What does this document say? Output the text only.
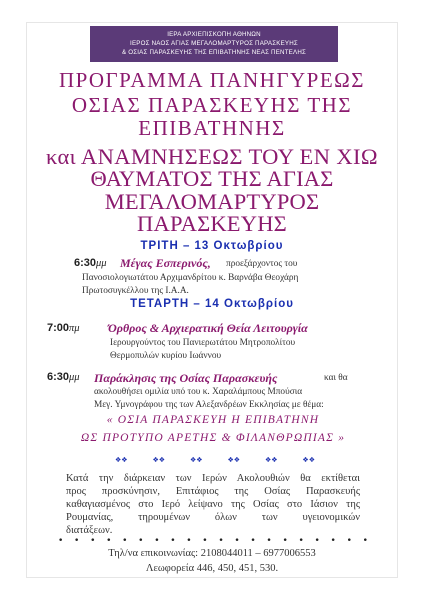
ΙΕΡΑ ΑΡΧΙΕΠΙΣΚΟΠΗ ΑΘΗΝΩΝ
ΙΕΡΟΣ ΝΑΟΣ ΑΓΙΑΣ ΜΕΓΑΛΟΜΑΡΤΥΡΟΣ ΠΑΡΑΣΚΕΥΗΣ
& ΟΣΙΑΣ ΠΑΡΑΣΚΕΥΗΣ ΤΗΣ ΕΠΙΒΑΤΗΝΗΣ ΝΕΑΣ ΠΕΝΤΕΛΗΣ
ΠΡΟΓΡΑΜΜΑ ΠΑΝΗΓΥΡΕΩΣ
ΟΣΙΑΣ ΠΑΡΑΣΚΕΥΗΣ ΤΗΣ
ΕΠΙΒΑΤΗΝΗΣ
και ΑΝΑΜΝΗΣΕΩΣ ΤΟΥ ΕΝ ΧΙΩ
ΘΑΥΜΑΤΟΣ ΤΗΣ ΑΓΙΑΣ
ΜΕΓΑΛΟΜΑΡΤΥΡΟΣ
ΠΑΡΑΣΚΕΥΗΣ
ΤΡΙΤΗ – 13 Οκτωβρίου
6:30μμ Μέγας Εσπερινός, προεξάρχοντος του
Πανοσιολογιωτάτου Αρχιμανδρίτου κ. Βαρνάβα Θεοχάρη
Πρωτοσυγκέλλου της Ι.Α.Α.
ΤΕΤΑΡΤΗ – 14 Οκτωβρίου
7:00πμ Όρθρος & Αρχιερατική Θεία Λειτουργία
Ιερουργούντος του Πανιερωτάτου Μητροπολίτου
Θερμοπυλών κυρίου Ιωάννου
6:30μμ Παράκλησις της Οσίας Παρασκευής	και θα
ακολουθήσει ομιλία υπό του κ. Χαραλάμπους Μπούσια
Μεγ. Υμνογράφου της των Αλεξανδρέων Εκκλησίας με θέμα:
« ΟΣΙΑ ΠΑΡΑΣΚΕΥΗ Η ΕΠΙΒΑΤΗΝΗ
ΩΣ ΠΡΟΤΥΠΟ ΑΡΕΤΗΣ & ΦΙΛΑΝΘΡΩΠΙΑΣ »
❖❖	❖❖	❖❖	❖❖	❖❖	❖❖
Κατά την διάρκειαν των Ιερών Ακολουθιών θα εκτίθεται
προς προσκύνησιν, Επιτάφιος της Οσίας Παρασκευής
καθαγιασμένος στο Ιερό λείψανο της Οσίας στο Ιάσιον της
Ρουμανίας, τηρουμένων όλων των υγειονομικών
διατάξεων.
• • • • • • • • • • • • • • • • • • • •
Τηλ/να επικοινωνίας: 2108044011 – 6977006553
Λεωφορεία 446, 450, 451, 530.
